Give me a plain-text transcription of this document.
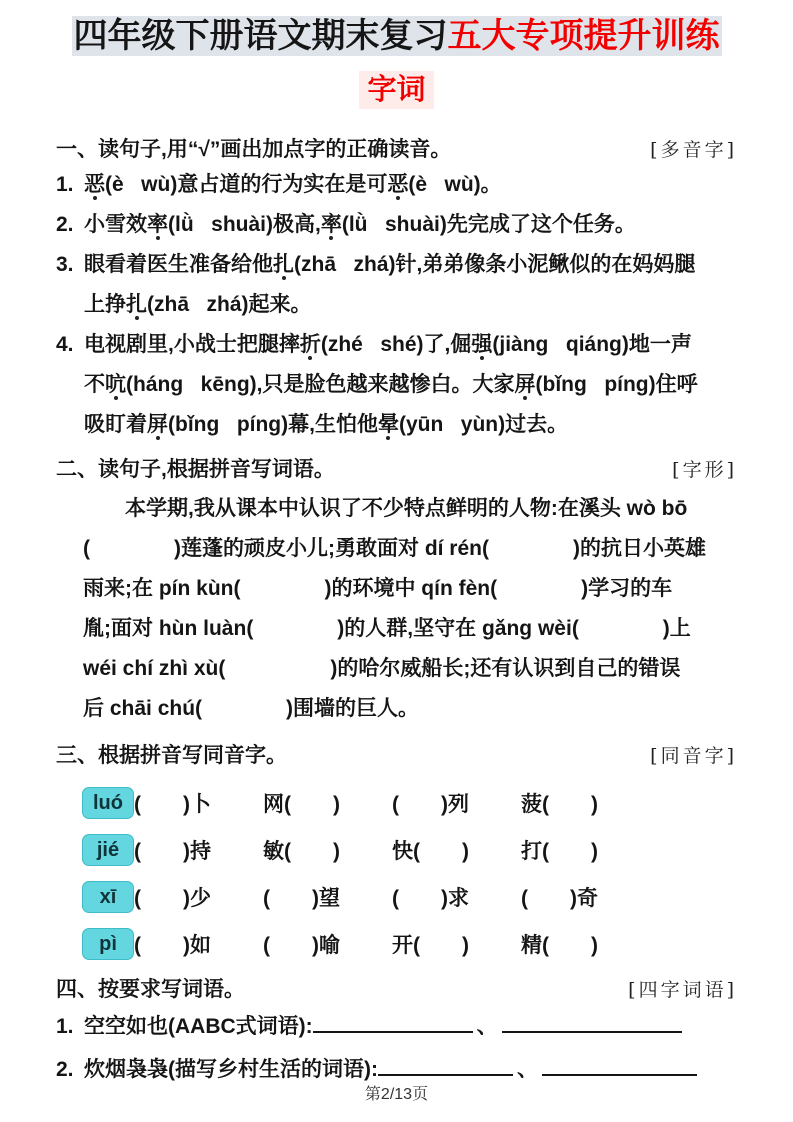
四年级下册语文期末复习五大专项提升训练
字词
一、读句子,用“√”画出加点字的正确读音。	[多音字]
1. 恶(è   wù)意占道的行为实在是可恶(è   wù)。
2. 小雪效率(lǜ   shuài)极高,率(lǜ   shuài)先完成了这个任务。
3. 眼看着医生准备给他扎(zhā   zhá)针,弟弟像条小泥鳅似的在妈妈腿
上挣扎(zhā   zhá)起来。
4. 电视剧里,小战士把腿摔折(zhé   shé)了,倔强(jiàng   qiáng)地一声
不吭(háng   kēng),只是脸色越来越惨白。大家屏(bǐng   píng)住呼
吸盯着屏(bǐng   píng)幕,生怕他晕(yūn   yùn)过去。
二、读句子,根据拼音写词语。	[字形]
本学期,我从课本中认识了不少特点鲜明的人物:在溪头 wò bō
(　　　　)莲蓬的顽皮小儿;勇敢面对 dí rén(　　　　)的抗日小英雄
雨来;在 pín kùn(　　　　)的环境中 qín fèn(　　　　)学习的车
胤;面对 hùn luàn(　　　　)的人群,坚守在 gǎng wèi(　　　　)上
wéi chí zhì xù(　　　　　)的哈尔威船长;还有认识到自己的错误
后 chāi chú(　　　　)围墙的巨人。
三、根据拼音写同音字。	[同音字]
luó (　　)卜	网(　　)	(　　)列	菠(　　)
jié (　　)持	敏(　　)	快(　　)	打(　　)
xī (　　)少	(　　)望	(　　)求	(　　)奇
pì (　　)如	(　　)喻	开(　　)	精(　　)
四、按要求写词语。	[四字词语]
1. 空空如也(AABC式词语):	、
2. 炊烟袅袅(描写乡村生活的词语):	、
第2/13页
